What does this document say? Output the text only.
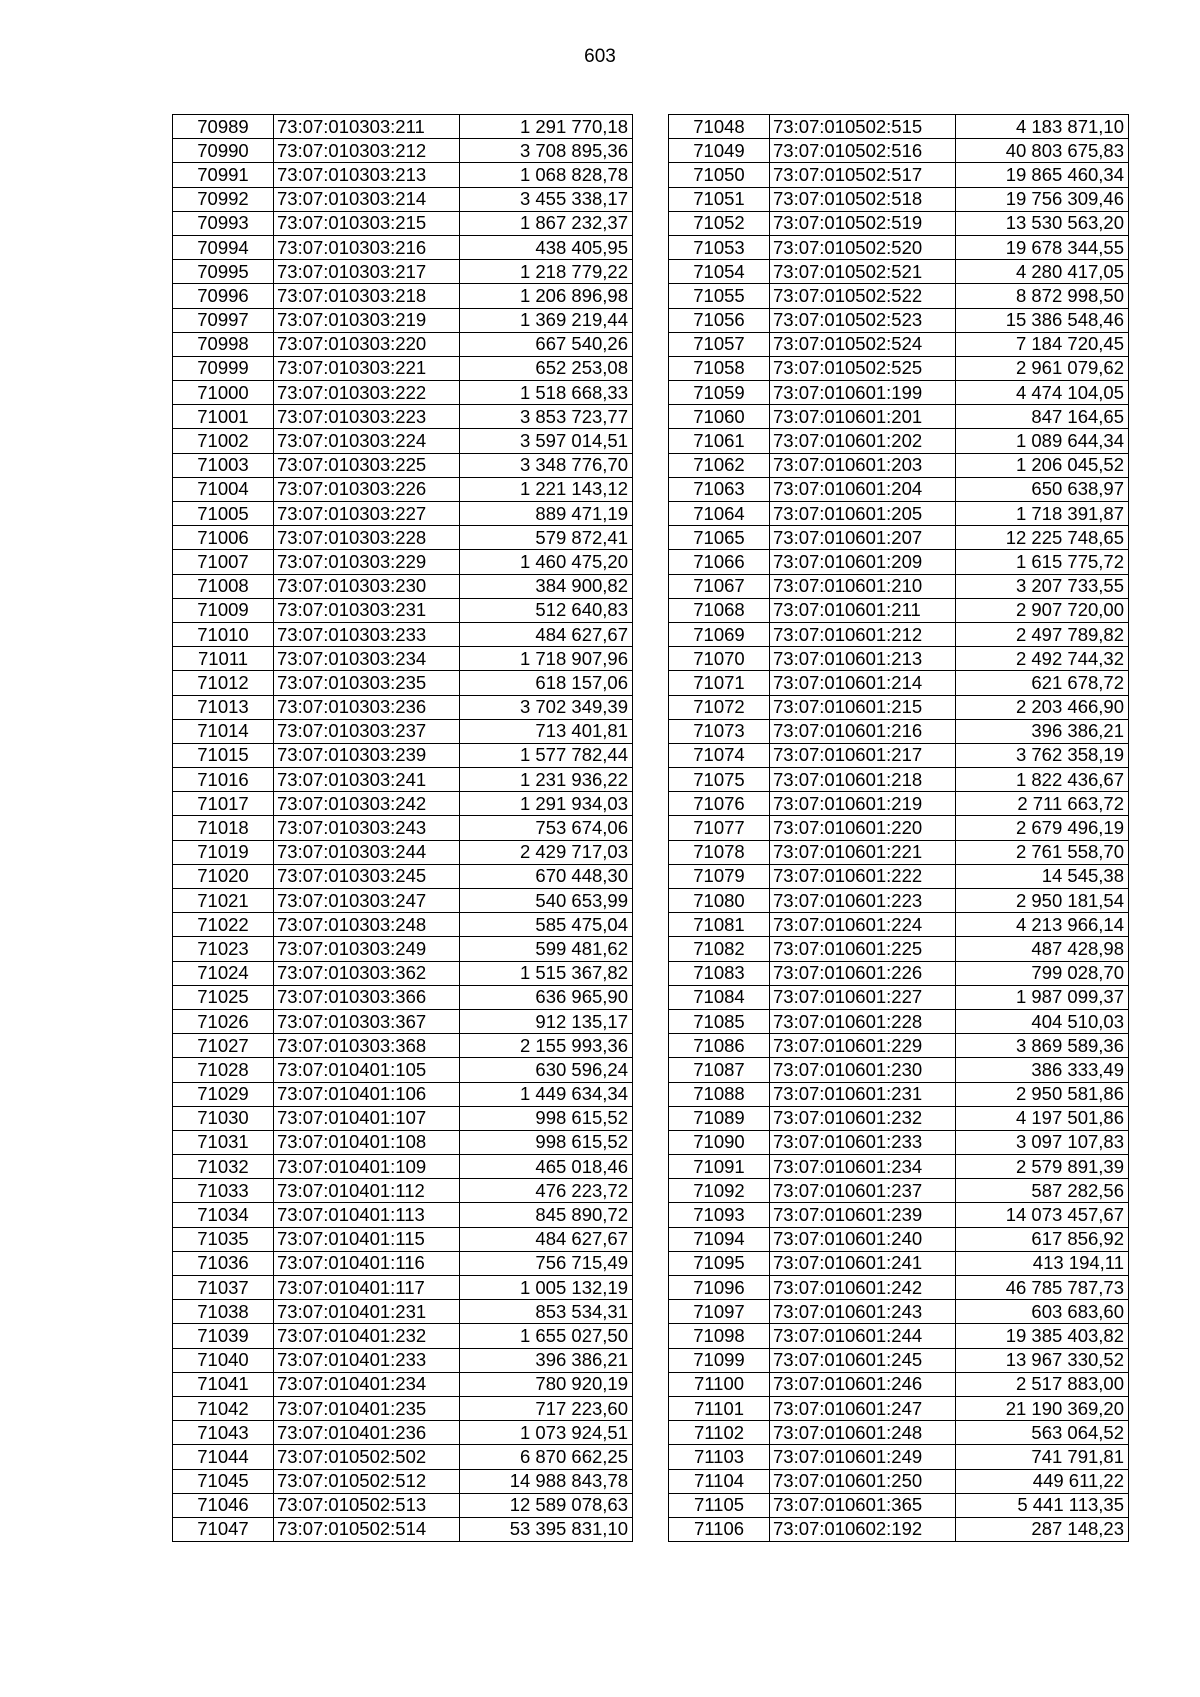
603
70989	73:07:010303:211	1 291 770,18
70990	73:07:010303:212	3 708 895,36
70991	73:07:010303:213	1 068 828,78
70992	73:07:010303:214	3 455 338,17
70993	73:07:010303:215	1 867 232,37
70994	73:07:010303:216	438 405,95
70995	73:07:010303:217	1 218 779,22
70996	73:07:010303:218	1 206 896,98
70997	73:07:010303:219	1 369 219,44
70998	73:07:010303:220	667 540,26
70999	73:07:010303:221	652 253,08
71000	73:07:010303:222	1 518 668,33
71001	73:07:010303:223	3 853 723,77
71002	73:07:010303:224	3 597 014,51
71003	73:07:010303:225	3 348 776,70
71004	73:07:010303:226	1 221 143,12
71005	73:07:010303:227	889 471,19
71006	73:07:010303:228	579 872,41
71007	73:07:010303:229	1 460 475,20
71008	73:07:010303:230	384 900,82
71009	73:07:010303:231	512 640,83
71010	73:07:010303:233	484 627,67
71011	73:07:010303:234	1 718 907,96
71012	73:07:010303:235	618 157,06
71013	73:07:010303:236	3 702 349,39
71014	73:07:010303:237	713 401,81
71015	73:07:010303:239	1 577 782,44
71016	73:07:010303:241	1 231 936,22
71017	73:07:010303:242	1 291 934,03
71018	73:07:010303:243	753 674,06
71019	73:07:010303:244	2 429 717,03
71020	73:07:010303:245	670 448,30
71021	73:07:010303:247	540 653,99
71022	73:07:010303:248	585 475,04
71023	73:07:010303:249	599 481,62
71024	73:07:010303:362	1 515 367,82
71025	73:07:010303:366	636 965,90
71026	73:07:010303:367	912 135,17
71027	73:07:010303:368	2 155 993,36
71028	73:07:010401:105	630 596,24
71029	73:07:010401:106	1 449 634,34
71030	73:07:010401:107	998 615,52
71031	73:07:010401:108	998 615,52
71032	73:07:010401:109	465 018,46
71033	73:07:010401:112	476 223,72
71034	73:07:010401:113	845 890,72
71035	73:07:010401:115	484 627,67
71036	73:07:010401:116	756 715,49
71037	73:07:010401:117	1 005 132,19
71038	73:07:010401:231	853 534,31
71039	73:07:010401:232	1 655 027,50
71040	73:07:010401:233	396 386,21
71041	73:07:010401:234	780 920,19
71042	73:07:010401:235	717 223,60
71043	73:07:010401:236	1 073 924,51
71044	73:07:010502:502	6 870 662,25
71045	73:07:010502:512	14 988 843,78
71046	73:07:010502:513	12 589 078,63
71047	73:07:010502:514	53 395 831,10
71048	73:07:010502:515	4 183 871,10
71049	73:07:010502:516	40 803 675,83
71050	73:07:010502:517	19 865 460,34
71051	73:07:010502:518	19 756 309,46
71052	73:07:010502:519	13 530 563,20
71053	73:07:010502:520	19 678 344,55
71054	73:07:010502:521	4 280 417,05
71055	73:07:010502:522	8 872 998,50
71056	73:07:010502:523	15 386 548,46
71057	73:07:010502:524	7 184 720,45
71058	73:07:010502:525	2 961 079,62
71059	73:07:010601:199	4 474 104,05
71060	73:07:010601:201	847 164,65
71061	73:07:010601:202	1 089 644,34
71062	73:07:010601:203	1 206 045,52
71063	73:07:010601:204	650 638,97
71064	73:07:010601:205	1 718 391,87
71065	73:07:010601:207	12 225 748,65
71066	73:07:010601:209	1 615 775,72
71067	73:07:010601:210	3 207 733,55
71068	73:07:010601:211	2 907 720,00
71069	73:07:010601:212	2 497 789,82
71070	73:07:010601:213	2 492 744,32
71071	73:07:010601:214	621 678,72
71072	73:07:010601:215	2 203 466,90
71073	73:07:010601:216	396 386,21
71074	73:07:010601:217	3 762 358,19
71075	73:07:010601:218	1 822 436,67
71076	73:07:010601:219	2 711 663,72
71077	73:07:010601:220	2 679 496,19
71078	73:07:010601:221	2 761 558,70
71079	73:07:010601:222	14 545,38
71080	73:07:010601:223	2 950 181,54
71081	73:07:010601:224	4 213 966,14
71082	73:07:010601:225	487 428,98
71083	73:07:010601:226	799 028,70
71084	73:07:010601:227	1 987 099,37
71085	73:07:010601:228	404 510,03
71086	73:07:010601:229	3 869 589,36
71087	73:07:010601:230	386 333,49
71088	73:07:010601:231	2 950 581,86
71089	73:07:010601:232	4 197 501,86
71090	73:07:010601:233	3 097 107,83
71091	73:07:010601:234	2 579 891,39
71092	73:07:010601:237	587 282,56
71093	73:07:010601:239	14 073 457,67
71094	73:07:010601:240	617 856,92
71095	73:07:010601:241	413 194,11
71096	73:07:010601:242	46 785 787,73
71097	73:07:010601:243	603 683,60
71098	73:07:010601:244	19 385 403,82
71099	73:07:010601:245	13 967 330,52
71100	73:07:010601:246	2 517 883,00
71101	73:07:010601:247	21 190 369,20
71102	73:07:010601:248	563 064,52
71103	73:07:010601:249	741 791,81
71104	73:07:010601:250	449 611,22
71105	73:07:010601:365	5 441 113,35
71106	73:07:010602:192	287 148,23
